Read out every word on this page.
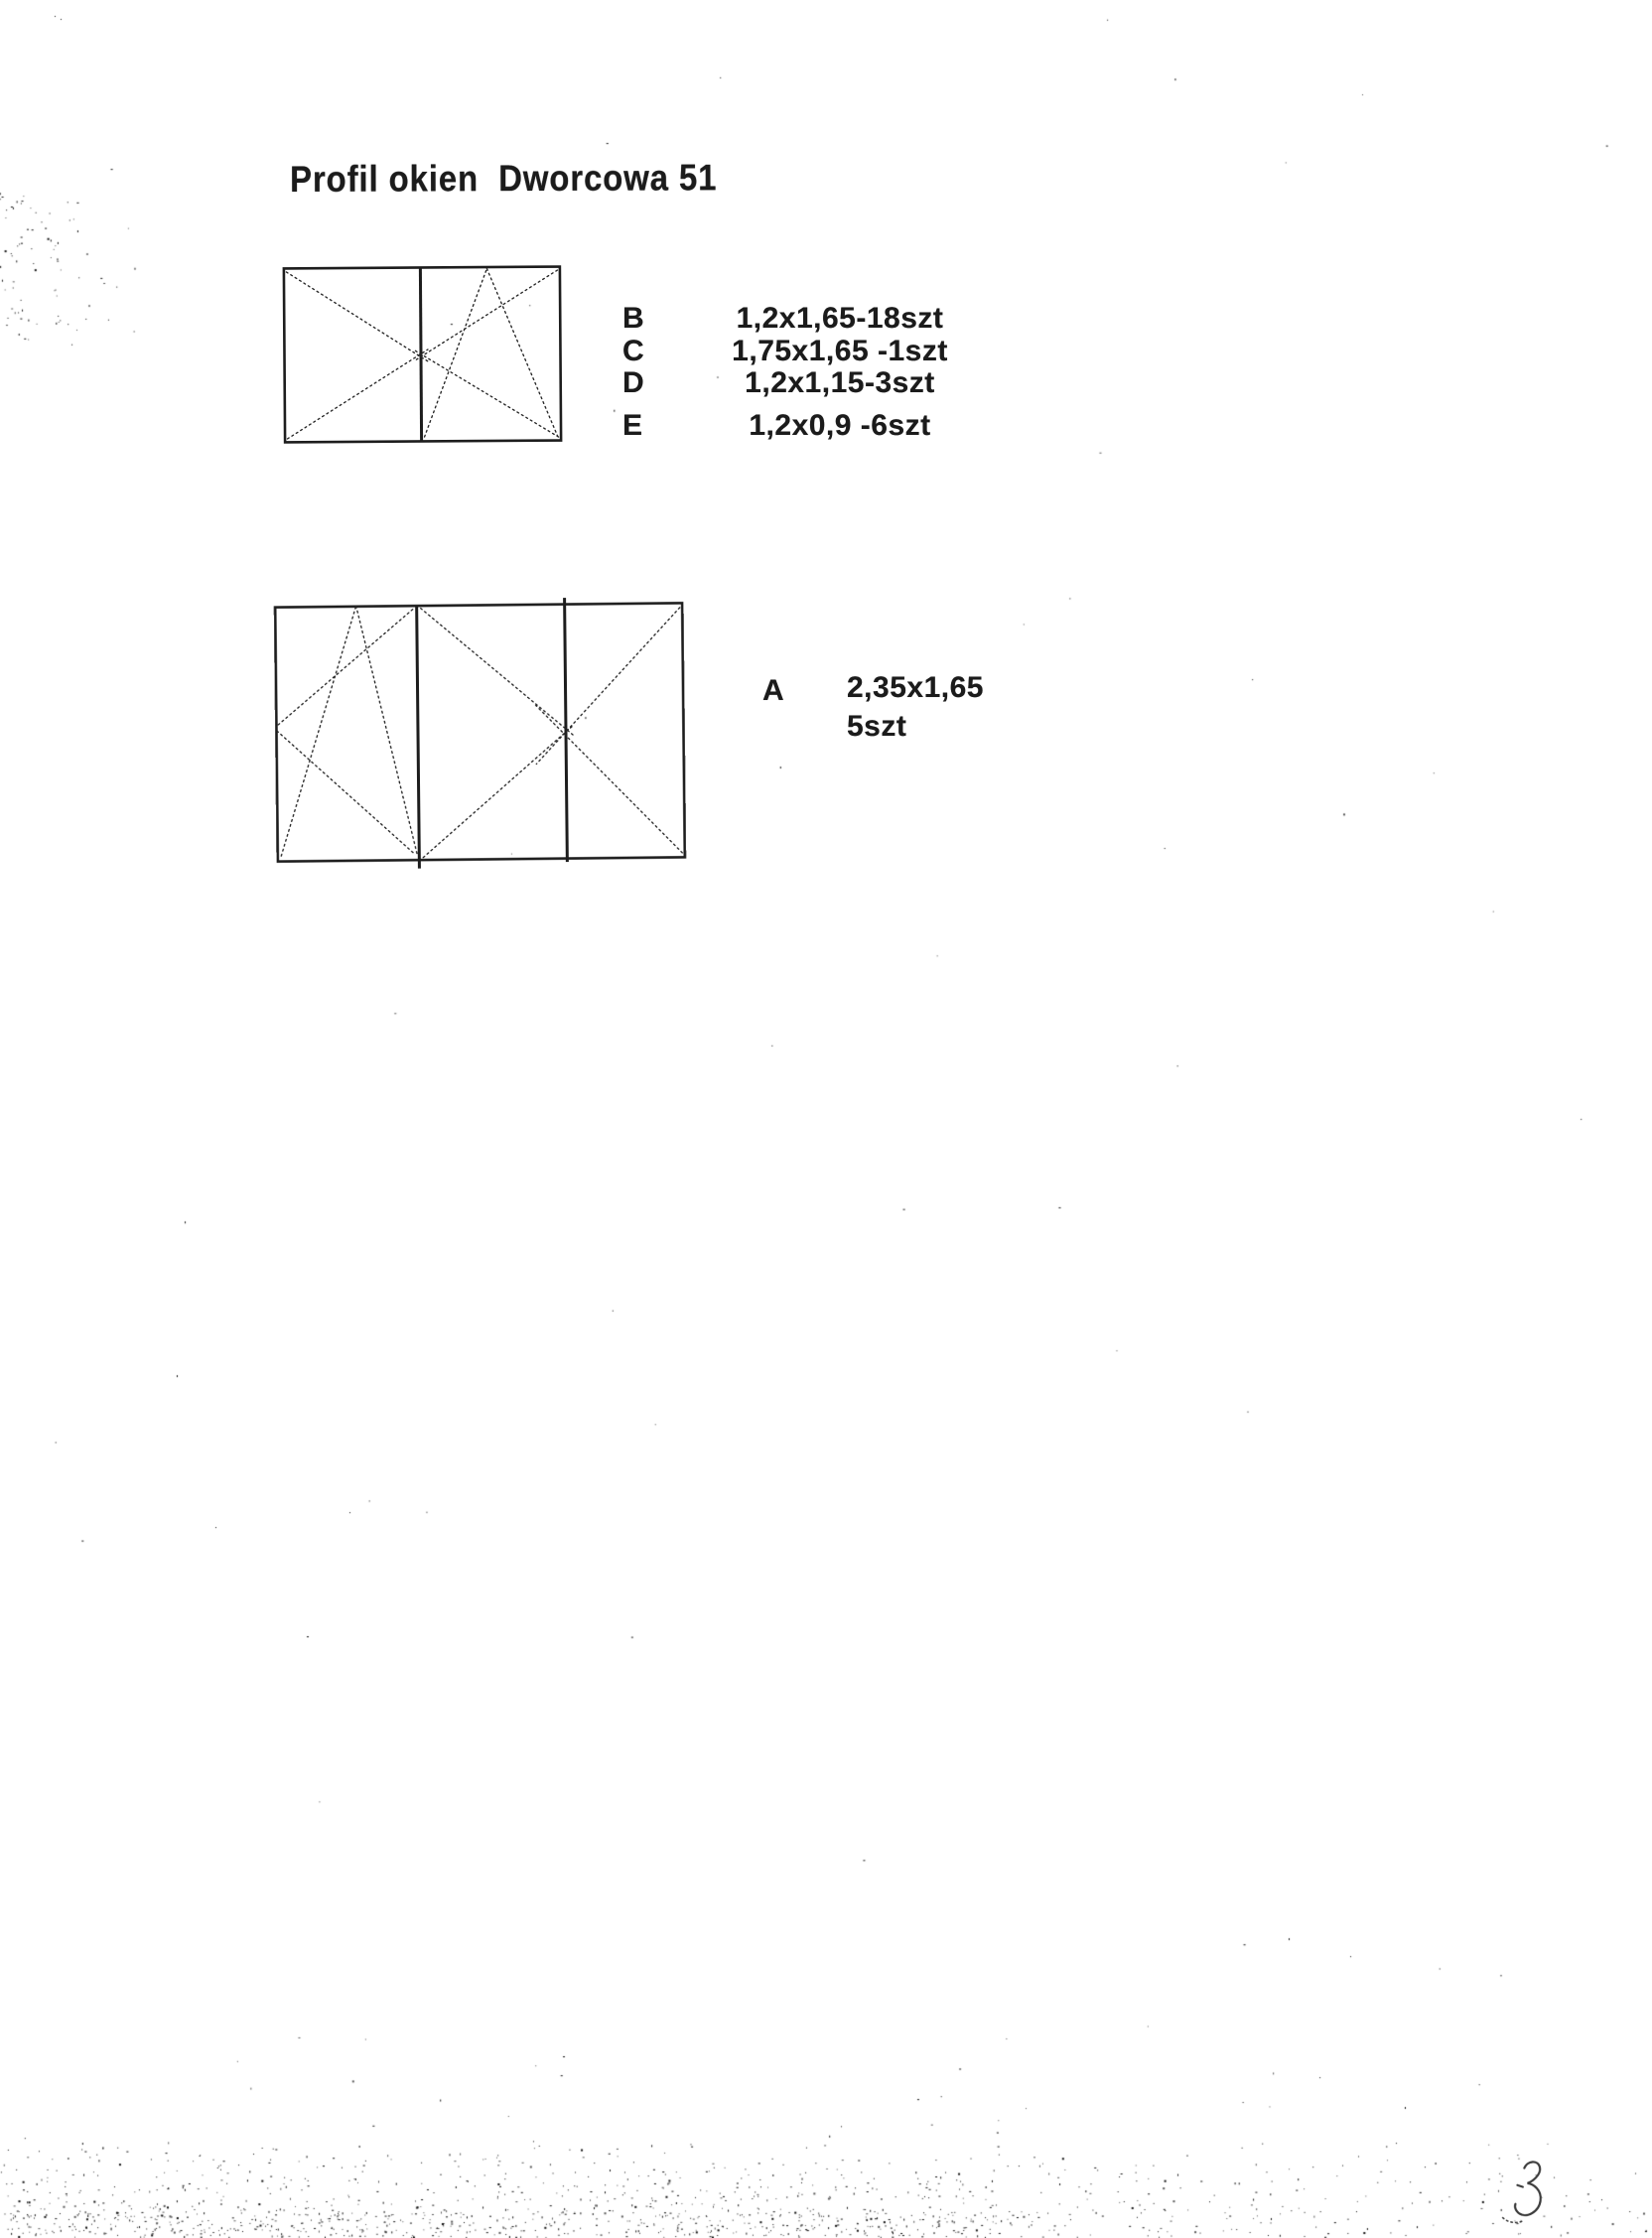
Profil okien  Dworcowa 51
B	1,2x1,65-18szt
C	1,75x1,65 -1szt
D	1,2x1,15-3szt
E	1,2x0,9 -6szt
A 2,35x1,65
5szt
